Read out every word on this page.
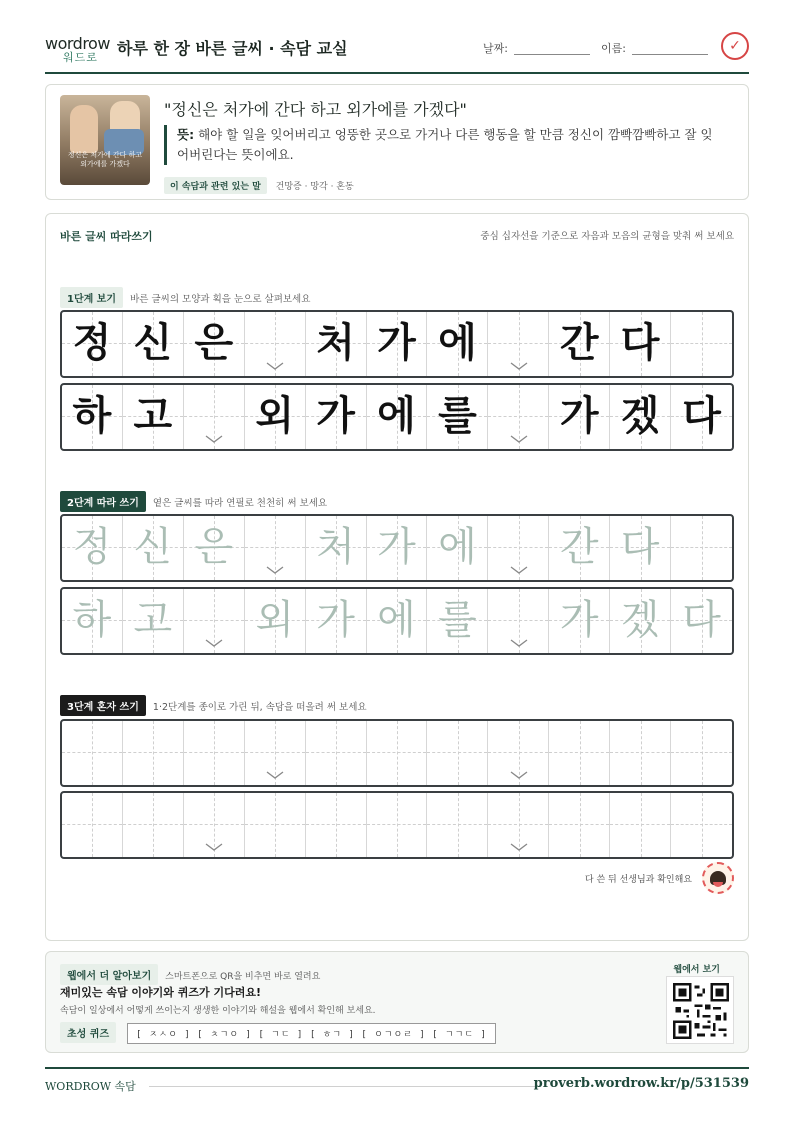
wordrow
워드로 하루 한 장 바른 글씨 · 속담 교실	날짜:	이름:	✓
정신은 처가에 간다 하고 외가에를 가겠다
"정신은 처가에 간다 하고 외가에를 가겠다"
뜻: 해야 할 일을 잊어버리고 엉뚱한 곳으로 가거나 다른 행동을 할 만큼 정신이 깜빡깜빡하고 잘 잊어버린다는 뜻이에요.
이 속담과 관련 있는 말 건망증 · 망각 · 혼동
바른 글씨 따라쓰기	중심 십자선을 기준으로 자음과 모음의 균형을 맞춰 써 보세요
1단계 보기 바른 글씨의 모양과 획을 눈으로 살펴보세요
정 신 은 처 가 에 간 다
하 고 외 가 에 를 가 겠 다
2단계 따라 쓰기 옅은 글씨를 따라 연필로 천천히 써 보세요
정 신 은 처 가 에 간 다
하 고 외 가 에 를 가 겠 다
3단계 혼자 쓰기 1·2단계를 종이로 가린 뒤, 속담을 떠올려 써 보세요
다 쓴 뒤 선생님과 확인해요
웹에서 더 알아보기 스마트폰으로 QR을 비추면 바로 열려요
재미있는 속담 이야기와 퀴즈가 기다려요!
속담이 일상에서 어떻게 쓰이는지 생생한 이야기와 해설을 웹에서 확인해 보세요.
초성 퀴즈	[ ㅈㅅㅇ ] [ ㅊㄱㅇ ] [ ㄱㄷ ] [ ㅎㄱ ] [ ㅇㄱㅇㄹ ] [ ㄱㄱㄷ ]
웹에서 보기
WORDROW 속담	proverb.wordrow.kr/p/531539
